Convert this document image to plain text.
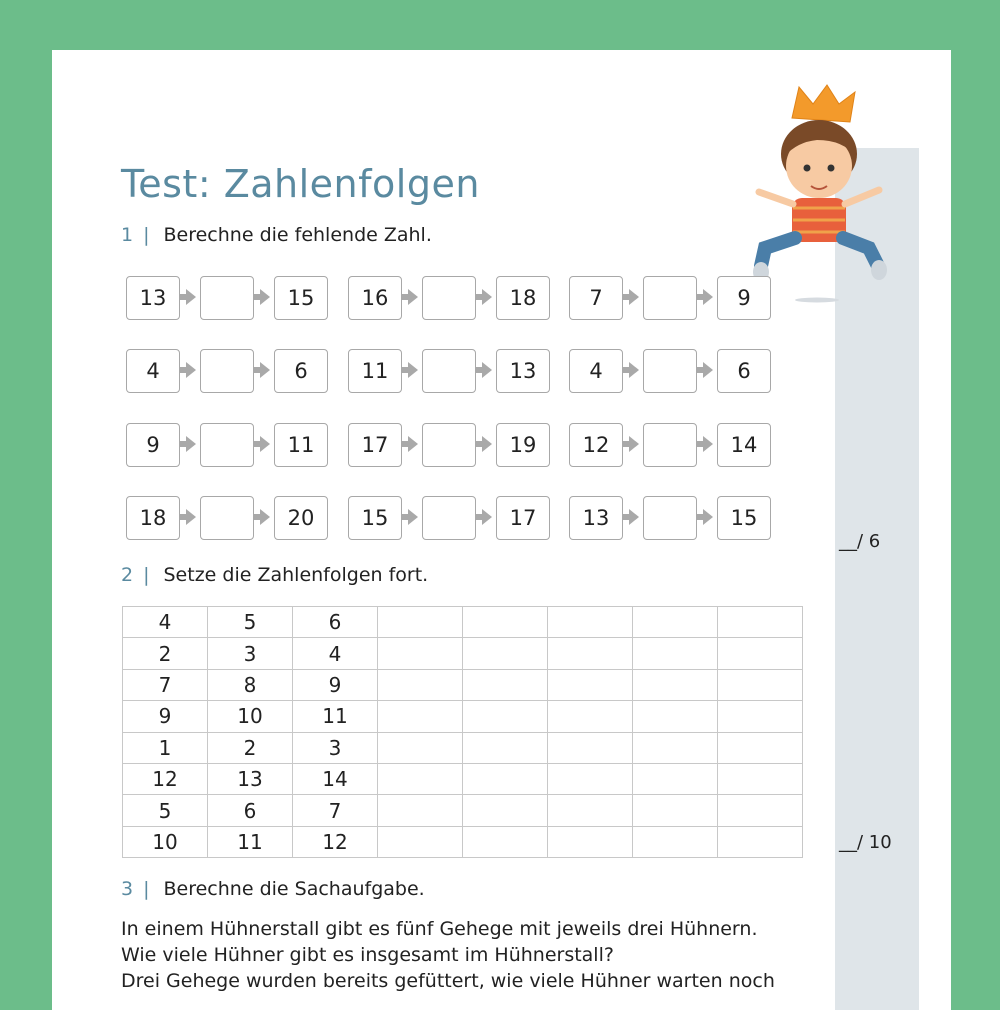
Test: Zahlenfolgen
1 | Berechne die fehlende Zahl.
13	15	16	18	7	9
4	6	11	13	4	6
9	11	17	19	12	14
18	20	15	17	13	15
__/ 6
2 | Setze die Zahlenfolgen fort.
4	5	6					
2	3	4					
7	8	9					
9	10	11					
1	2	3					
12	13	14					
5	6	7					
10	11	12						__/ 10
3 | Berechne die Sachaufgabe.
In einem Hühnerstall gibt es fünf Gehege mit jeweils drei Hühnern.
Wie viele Hühner gibt es insgesamt im Hühnerstall?
Drei Gehege wurden bereits gefüttert, wie viele Hühner warten noch
